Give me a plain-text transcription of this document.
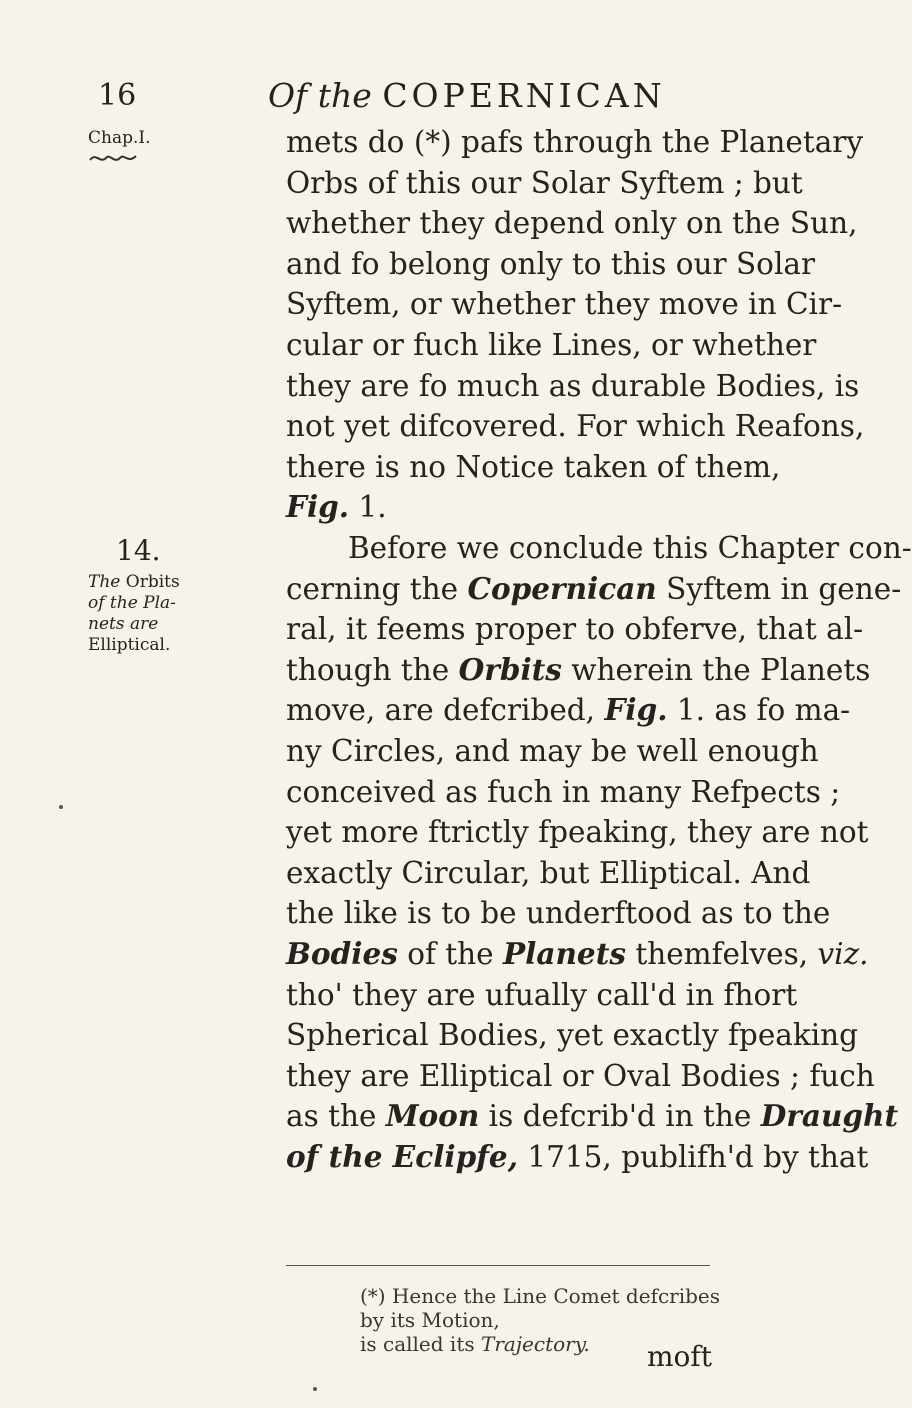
16	Of the COPERNICAN
Chap.I.
14.
The Orbits
of the Pla-
nets are
Elliptical.
mets do (*) pafs through the Planetary
Orbs of this our Solar Syftem ; but
whether they depend only on the Sun,
and fo belong only to this our Solar
Syftem, or whether they move in Cir-
cular or fuch like Lines, or whether
they are fo much as durable Bodies, is
not yet difcovered. For which Reafons,
there is no Notice taken of them,
Fig. 1.
Before we conclude this Chapter con-
cerning the Copernican Syftem in gene-
ral, it feems proper to obferve, that al-
though the Orbits wherein the Planets
move, are defcribed, Fig. 1. as fo ma-
ny Circles, and may be well enough
conceived as fuch in many Refpects ;
yet more ftrictly fpeaking, they are not
exactly Circular, but Elliptical. And
the like is to be underftood as to the
Bodies of the Planets themfelves, viz.
tho' they are ufually call'd in fhort
Spherical Bodies, yet exactly fpeaking
they are Elliptical or Oval Bodies ; fuch
as the Moon is defcrib'd in the Draught
of the Eclipfe, 1715, publifh'd by that
(*) Hence the Line Comet defcribes by its Motion,
is called its Trajectory.	moft
